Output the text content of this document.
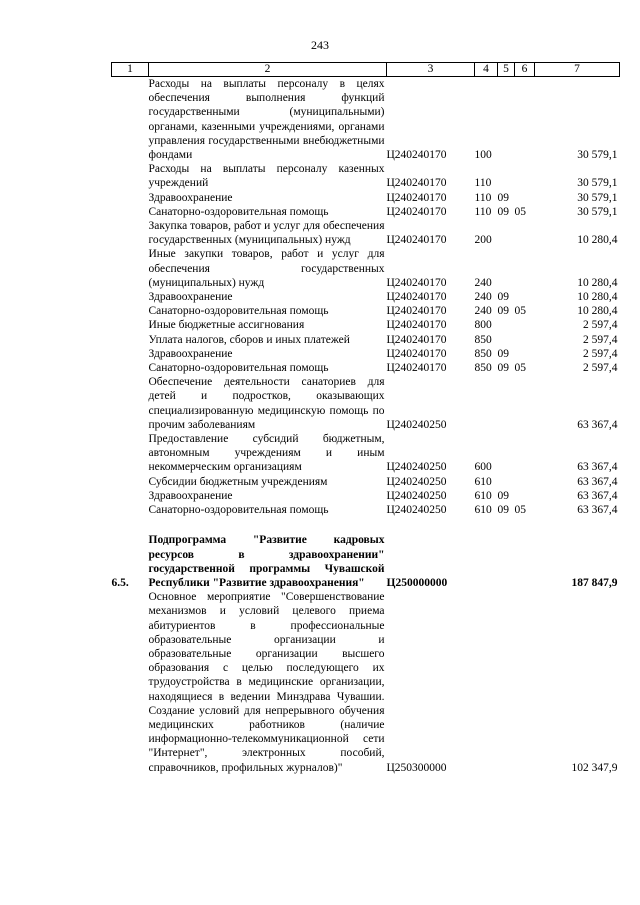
243
1	2	3	4	5	6	7
	Расходы на выплаты персоналу в целях обеспечения выполнения функций государственными (муниципальными) органами, казенными учреждениями, органами управления государственными внебюджетными фондами	Ц240240170	100			30 579,1
	Расходы на выплаты персоналу казенных учреждений	Ц240240170	110			30 579,1
	Здравоохранение	Ц240240170	110	09		30 579,1
	Санаторно-оздоровительная помощь	Ц240240170	110	09	05	30 579,1
	Закупка товаров, работ и услуг для обеспечения государственных (муниципальных) нужд	Ц240240170	200			10 280,4
	Иные закупки товаров, работ и услуг для обеспечения государственных (муниципальных) нужд	Ц240240170	240			10 280,4
	Здравоохранение	Ц240240170	240	09		10 280,4
	Санаторно-оздоровительная помощь	Ц240240170	240	09	05	10 280,4
	Иные бюджетные ассигнования	Ц240240170	800			2 597,4
	Уплата налогов, сборов и иных платежей	Ц240240170	850			2 597,4
	Здравоохранение	Ц240240170	850	09		2 597,4
	Санаторно-оздоровительная помощь	Ц240240170	850	09	05	2 597,4
	Обеспечение деятельности санаториев для детей и подростков, оказывающих специализированную медицинскую помощь по прочим заболеваниям	Ц240240250				63 367,4
	Предоставление субсидий бюджетным, автономным учреждениям и иным некоммерческим организациям	Ц240240250	600			63 367,4
	Субсидии бюджетным учреждениям	Ц240240250	610			63 367,4
	Здравоохранение	Ц240240250	610	09		63 367,4
	Санаторно-оздоровительная помощь	Ц240240250	610	09	05	63 367,4

6.5.	Подпрограмма "Развитие кадровых ресурсов в здравоохранении" государственной программы Чувашской Республики "Развитие здравоохранения"	Ц250000000				187 847,9
	Основное мероприятие "Совершенствование механизмов и условий целевого приема абитуриентов в профессиональные образовательные организации и образовательные организации высшего образования с целью последующего их трудоустройства в медицинские организации, находящиеся в ведении Минздрава Чувашии. Создание условий для непрерывного обучения медицинских работников (наличие информационно-телекоммуникационной сети "Интернет", электронных пособий, справочников, профильных журналов)"	Ц250300000				102 347,9
